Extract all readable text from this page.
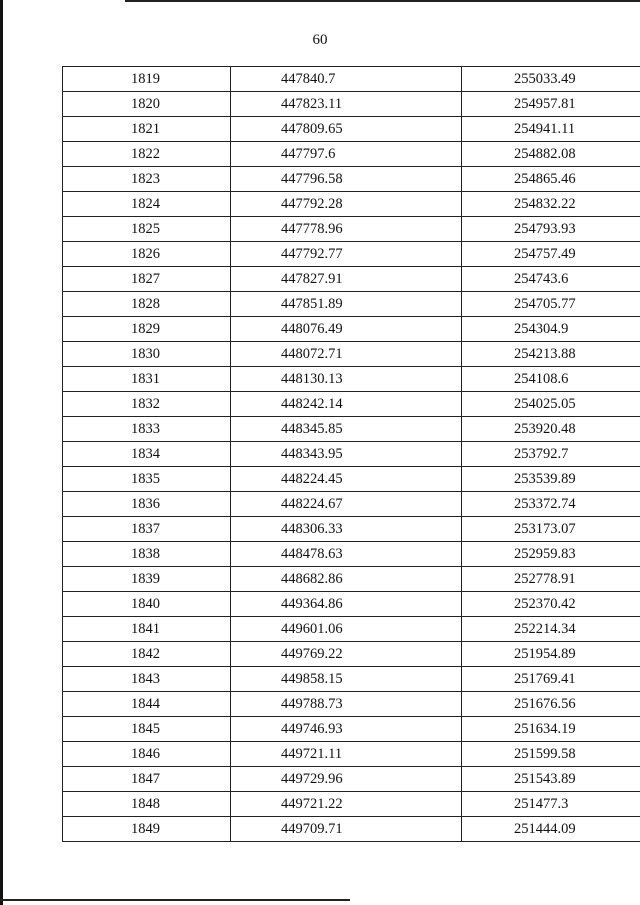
60
1819	447840.7	255033.49
1820	447823.11	254957.81
1821	447809.65	254941.11
1822	447797.6	254882.08
1823	447796.58	254865.46
1824	447792.28	254832.22
1825	447778.96	254793.93
1826	447792.77	254757.49
1827	447827.91	254743.6
1828	447851.89	254705.77
1829	448076.49	254304.9
1830	448072.71	254213.88
1831	448130.13	254108.6
1832	448242.14	254025.05
1833	448345.85	253920.48
1834	448343.95	253792.7
1835	448224.45	253539.89
1836	448224.67	253372.74
1837	448306.33	253173.07
1838	448478.63	252959.83
1839	448682.86	252778.91
1840	449364.86	252370.42
1841	449601.06	252214.34
1842	449769.22	251954.89
1843	449858.15	251769.41
1844	449788.73	251676.56
1845	449746.93	251634.19
1846	449721.11	251599.58
1847	449729.96	251543.89
1848	449721.22	251477.3
1849	449709.71	251444.09
